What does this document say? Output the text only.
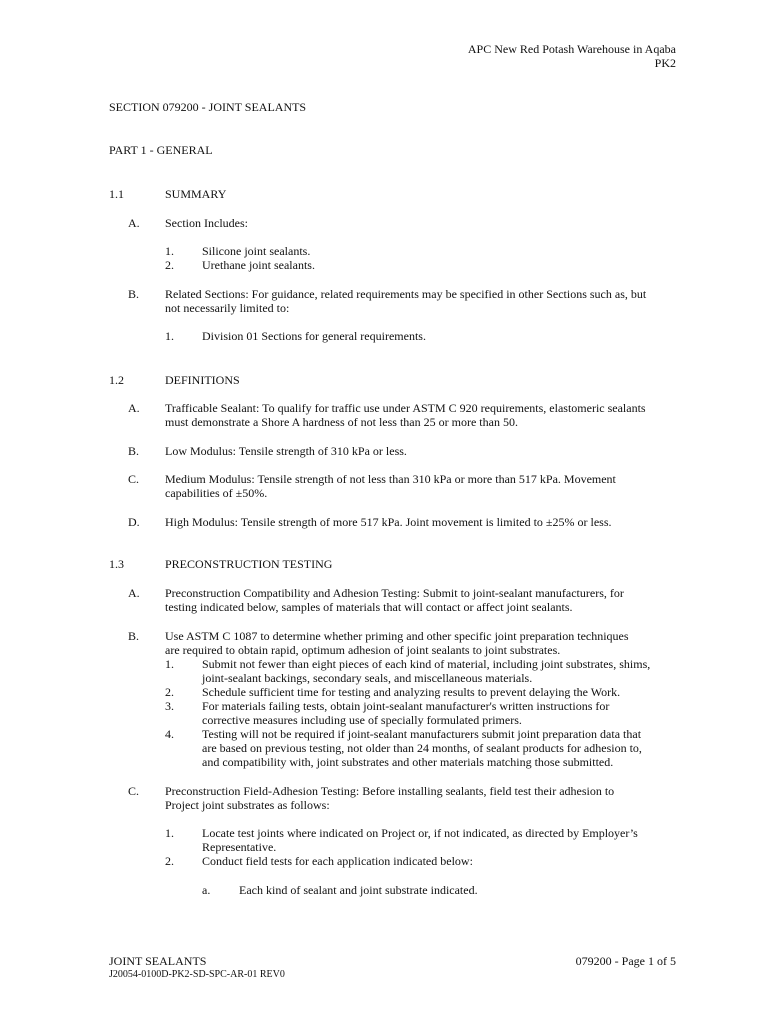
APC New Red Potash Warehouse in Aqaba
PK2
SECTION 079200 - JOINT SEALANTS
PART 1 - GENERAL
1.1	SUMMARY
A. Section Includes:
1. Silicone joint sealants.
2. Urethane joint sealants.
B. Related Sections: For guidance, related requirements may be specified in other Sections such as, but
not necessarily limited to:
1. Division 01 Sections for general requirements.
1.2	DEFINITIONS
A. Trafficable Sealant: To qualify for traffic use under ASTM C 920 requirements, elastomeric sealants
must demonstrate a Shore A hardness of not less than 25 or more than 50.
B. Low Modulus: Tensile strength of 310 kPa or less.
C. Medium Modulus: Tensile strength of not less than 310 kPa or more than 517 kPa. Movement
capabilities of ±50%.
D. High Modulus: Tensile strength of more 517 kPa. Joint movement is limited to ±25% or less.
1.3	PRECONSTRUCTION TESTING
A. Preconstruction Compatibility and Adhesion Testing: Submit to joint-sealant manufacturers, for
testing indicated below, samples of materials that will contact or affect joint sealants.
B. Use ASTM C 1087 to determine whether priming and other specific joint preparation techniques
are required to obtain rapid, optimum adhesion of joint sealants to joint substrates.
1. Submit not fewer than eight pieces of each kind of material, including joint substrates, shims,
joint-sealant backings, secondary seals, and miscellaneous materials.
2. Schedule sufficient time for testing and analyzing results to prevent delaying the Work.
3. For materials failing tests, obtain joint-sealant manufacturer's written instructions for
corrective measures including use of specially formulated primers.
4. Testing will not be required if joint-sealant manufacturers submit joint preparation data that
are based on previous testing, not older than 24 months, of sealant products for adhesion to,
and compatibility with, joint substrates and other materials matching those submitted.
C. Preconstruction Field-Adhesion Testing: Before installing sealants, field test their adhesion to
Project joint substrates as follows:
1. Locate test joints where indicated on Project or, if not indicated, as directed by Employer’s
Representative.
2. Conduct field tests for each application indicated below:
a. Each kind of sealant and joint substrate indicated.
JOINT SEALANTS	079200 - Page 1 of 5
J20054-0100D-PK2-SD-SPC-AR-01 REV0
